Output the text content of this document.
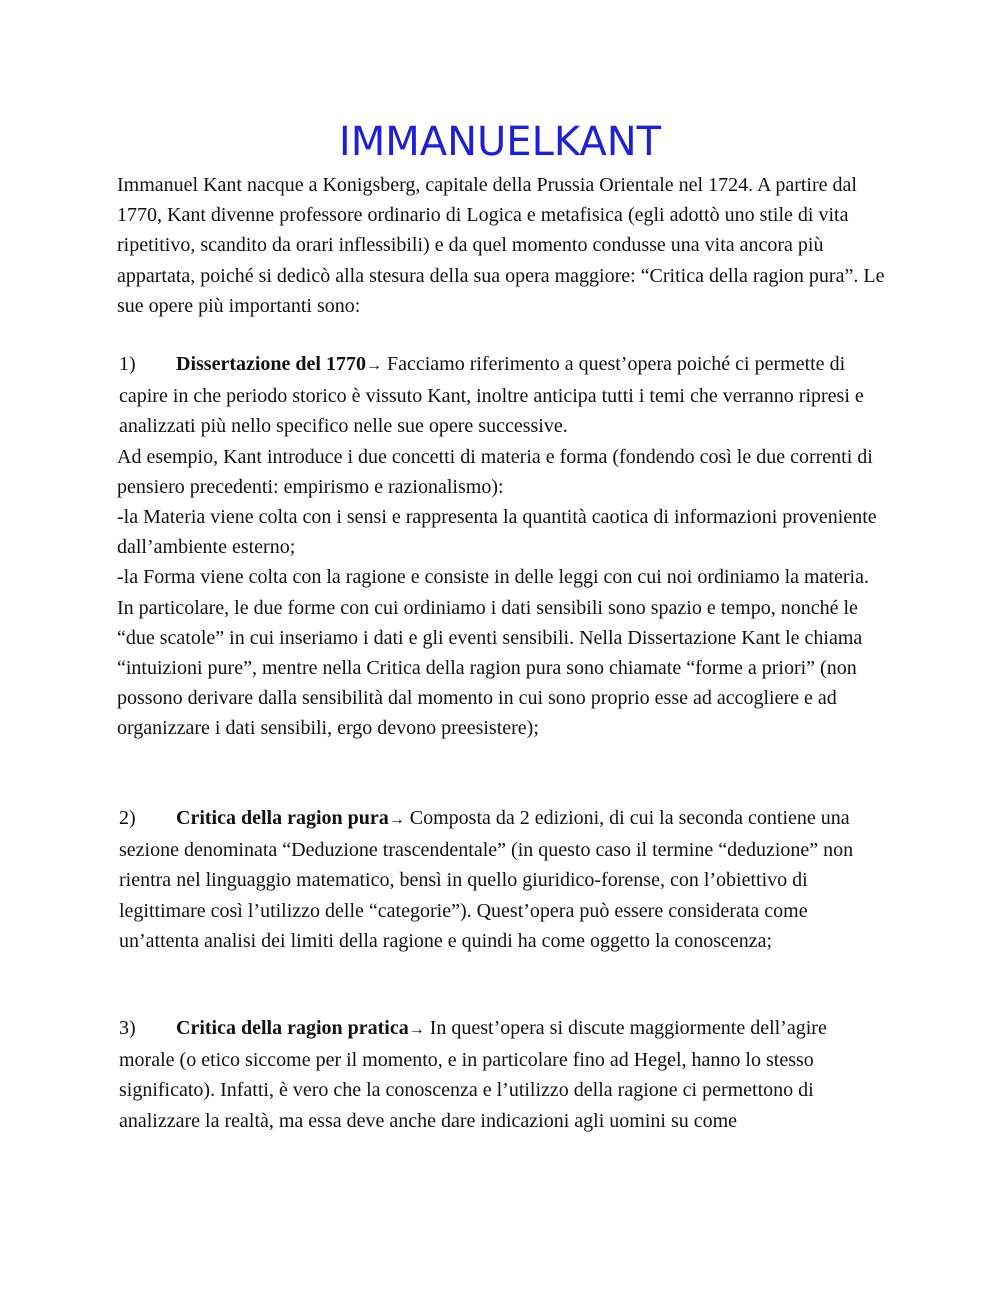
IMMANUELKANT

Immanuel Kant nacque a Konigsberg, capitale della Prussia Orientale nel 1724. A partire dal 1770, Kant divenne professore ordinario di Logica e metafisica (egli adottò uno stile di vita ripetitivo, scandito da orari inflessibili) e da quel momento condusse una vita ancora più appartata, poiché si dedicò alla stesura della sua opera maggiore: “Critica della ragion pura”. Le sue opere più importanti sono:

1) Dissertazione del 1770→ Facciamo riferimento a quest’opera poiché ci permette di capire in che periodo storico è vissuto Kant, inoltre anticipa tutti i temi che verranno ripresi e analizzati più nello specifico nelle sue opere successive.

Ad esempio, Kant introduce i due concetti di materia e forma (fondendo così le due correnti di pensiero precedenti: empirismo e razionalismo):

-la Materia viene colta con i sensi e rappresenta la quantità caotica di informazioni proveniente dall’ambiente esterno;

-la Forma viene colta con la ragione e consiste in delle leggi con cui noi ordiniamo la materia. In particolare, le due forme con cui ordiniamo i dati sensibili sono spazio e tempo, nonché le “due scatole” in cui inseriamo i dati e gli eventi sensibili. Nella Dissertazione Kant le chiama “intuizioni pure”, mentre nella Critica della ragion pura sono chiamate “forme a priori” (non possono derivare dalla sensibilità dal momento in cui sono proprio esse ad accogliere e ad organizzare i dati sensibili, ergo devono preesistere);

2) Critica della ragion pura→ Composta da 2 edizioni, di cui la seconda contiene una sezione denominata “Deduzione trascendentale” (in questo caso il termine “deduzione” non rientra nel linguaggio matematico, bensì in quello giuridico-forense, con l’obiettivo di legittimare così l’utilizzo delle “categorie”). Quest’opera può essere considerata come un’attenta analisi dei limiti della ragione e quindi ha come oggetto la conoscenza;

3) Critica della ragion pratica→ In quest’opera si discute maggiormente dell’agire morale (o etico siccome per il momento, e in particolare fino ad Hegel, hanno lo stesso significato). Infatti, è vero che la conoscenza e l’utilizzo della ragione ci permettono di analizzare la realtà, ma essa deve anche dare indicazioni agli uomini su come
